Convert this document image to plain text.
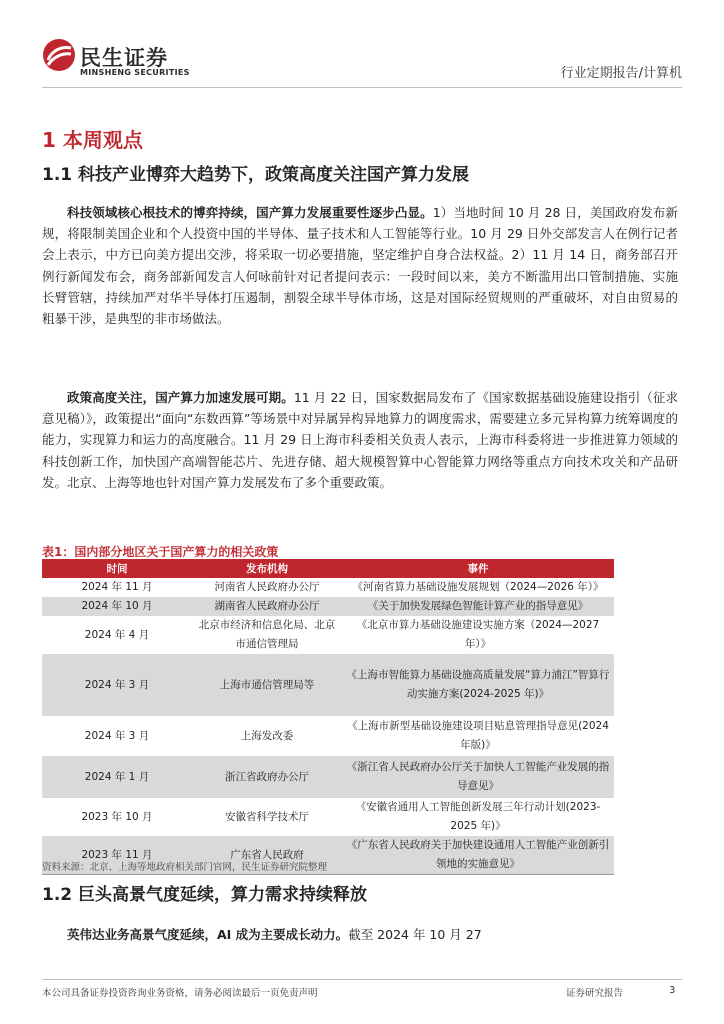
民生证券
MINSHENG SECURITIES	行业定期报告/计算机
1 本周观点
1.1 科技产业博弈大趋势下，政策高度关注国产算力发展
科技领域核心根技术的博弈持续，国产算力发展重要性逐步凸显。1）当地时间 10 月 28 日，美国政府发布新规，将限制美国企业和个人投资中国的半导体、量子技术和人工智能等行业。10 月 29 日外交部发言人在例行记者会上表示，中方已向美方提出交涉，将采取一切必要措施，坚定维护自身合法权益。2）11 月 14 日，商务部召开例行新闻发布会，商务部新闻发言人何咏前针对记者提问表示：一段时间以来，美方不断滥用出口管制措施、实施长臂管辖，持续加严对华半导体打压遏制，割裂全球半导体市场，这是对国际经贸规则的严重破坏，对自由贸易的粗暴干涉，是典型的非市场做法。
政策高度关注，国产算力加速发展可期。11 月 22 日，国家数据局发布了《国家数据基础设施建设指引（征求意见稿）》，政策提出“面向“东数西算”等场景中对异属异构异地算力的调度需求，需要建立多元异构算力统筹调度的能力，实现算力和运力的高度融合。11 月 29 日上海市科委相关负责人表示，上海市科委将进一步推进算力领域的科技创新工作，加快国产高端智能芯片、先进存储、超大规模智算中心智能算力网络等重点方向技术攻关和产品研发。北京、上海等地也针对国产算力发展发布了多个重要政策。
表1：国内部分地区关于国产算力的相关政策
时间	发布机构	事件
2024 年 11 月	河南省人民政府办公厅	《河南省算力基础设施发展规划（2024—2026 年）》
2024 年 10 月	湖南省人民政府办公厅	《关于加快发展绿色智能计算产业的指导意见》
2024 年 4 月	北京市经济和信息化局、北京市通信管理局	《北京市算力基础设施建设实施方案（2024—2027 年）》
2024 年 3 月	上海市通信管理局等	《上海市智能算力基础设施高质量发展“算力浦江”智算行动实施方案(2024-2025 年)》
2024 年 3 月	上海发改委	《上海市新型基础设施建设项目贴息管理指导意见(2024 年版)》
2024 年 1 月	浙江省政府办公厅	《浙江省人民政府办公厅关于加快人工智能产业发展的指导意见》
2023 年 10 月	安徽省科学技术厅	《安徽省通用人工智能创新发展三年行动计划(2023-2025 年)》
2023 年 11 月	广东省人民政府	《广东省人民政府关于加快建设通用人工智能产业创新引领地的实施意见》
资料来源：北京、上海等地政府相关部门官网，民生证券研究院整理
1.2 巨头高景气度延续，算力需求持续释放
英伟达业务高景气度延续，AI 成为主要成长动力。截至 2024 年 10 月 27
本公司具备证券投资咨询业务资格，请务必阅读最后一页免责声明	证券研究报告	3
